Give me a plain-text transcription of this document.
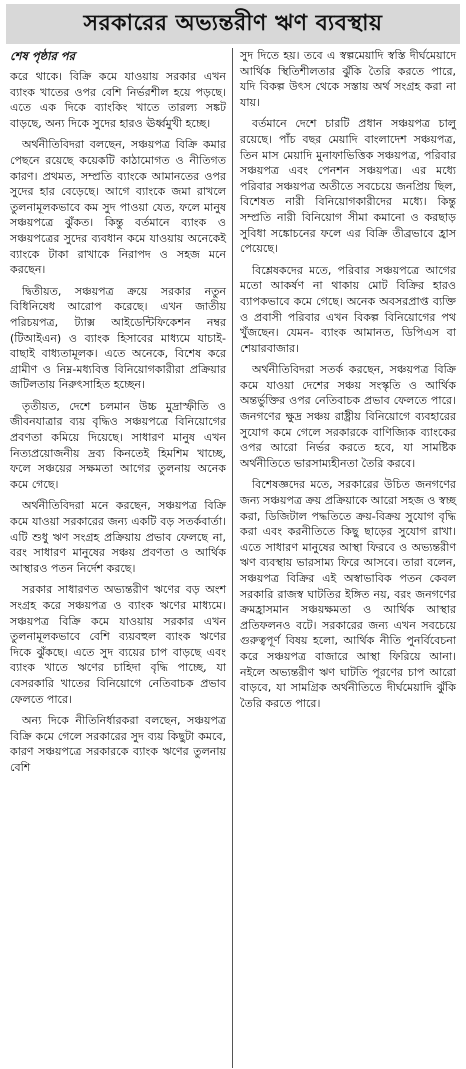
সরকারের অভ্যন্তরীণ ঋণ ব্যবস্থায়
শেষ পৃষ্ঠার পর

করে থাকে। বিক্রি কমে যাওয়ায় সরকার এখন ব্যাংক খাতের ওপর বেশি নির্ভরশীল হয়ে পড়ছে। এতে এক দিকে ব্যাংকিং খাতে তারল্য সঙ্কট বাড়ছে, অন্য দিকে সুদের হারও ঊর্ধ্বমুখী হচ্ছে।

অর্থনীতিবিদরা বলছেন, সঞ্চয়পত্র বিক্রি কমার পেছনে রয়েছে কয়েকটি কাঠামোগত ও নীতিগত কারণ। প্রথমত, সম্প্রতি ব্যাংকে আমানতের ওপর সুদের হার বেড়েছে। আগে ব্যাংকে জমা রাখলে তুলনামূলকভাবে কম সুদ পাওয়া যেত, ফলে মানুষ সঞ্চয়পত্রে ঝুঁকত। কিন্তু বর্তমানে ব্যাংক ও সঞ্চয়পত্রের সুদের ব্যবধান কমে যাওয়ায় অনেকেই ব্যাংকে টাকা রাখাকে নিরাপদ ও সহজ মনে করছেন।

দ্বিতীয়ত, সঞ্চয়পত্র ক্রয়ে সরকার নতুন বিধিনিষেধ আরোপ করেছে। এখন জাতীয় পরিচয়পত্র, ট্যাক্স আইডেন্টিফিকেশন নম্বর (টিআইএন) ও ব্যাংক হিসাবের মাধ্যমে যাচাই-বাছাই বাধ্যতামূলক। এতে অনেকে, বিশেষ করে গ্রামীণ ও নিম্ন-মধ্যবিত্ত বিনিয়োগকারীরা প্রক্রিয়ার জটিলতায় নিরুৎসাহিত হচ্ছেন।

তৃতীয়ত, দেশে চলমান উচ্চ মুদ্রাস্ফীতি ও জীবনযাত্রার ব্যয় বৃদ্ধিও সঞ্চয়পত্রে বিনিয়োগের প্রবণতা কমিয়ে দিয়েছে। সাধারণ মানুষ এখন নিত্যপ্রয়োজনীয় দ্রব্য কিনতেই হিমশিম খাচ্ছে, ফলে সঞ্চয়ের সক্ষমতা আগের তুলনায় অনেক কমে গেছে।

অর্থনীতিবিদরা মনে করছেন, সঞ্চয়পত্র বিক্রি কমে যাওয়া সরকারের জন্য একটি বড় সতর্কবার্তা। এটি শুধু ঋণ সংগ্রহ প্রক্রিয়ায় প্রভাব ফেলছে না, বরং সাধারণ মানুষের সঞ্চয় প্রবণতা ও আর্থিক আস্থারও পতন নির্দেশ করছে।

সরকার সাধারণত অভ্যন্তরীণ ঋণের বড় অংশ সংগ্রহ করে সঞ্চয়পত্র ও ব্যাংক ঋণের মাধ্যমে। সঞ্চয়পত্র বিক্রি কমে যাওয়ায় সরকার এখন তুলনামূলকভাবে বেশি ব্যয়বহুল ব্যাংক ঋণের দিকে ঝুঁকছে। এতে সুদ ব্যয়ের চাপ বাড়ছে এবং ব্যাংক খাতে ঋণের চাহিদা বৃদ্ধি পাচ্ছে, যা বেসরকারি খাতের বিনিয়োগে নেতিবাচক প্রভাব ফেলতে পারে।

অন্য দিকে নীতিনির্ধারকরা বলছেন, সঞ্চয়পত্র বিক্রি কমে গেলে সরকারের সুদ ব্যয় কিছুটা কমবে, কারণ সঞ্চয়পত্রে সরকারকে ব্যাংক ঋণের তুলনায় বেশি

সুদ দিতে হয়। তবে এ স্বল্পমেয়াদি স্বস্তি দীর্ঘমেয়াদে আর্থিক স্থিতিশীলতার ঝুঁকি তৈরি করতে পারে, যদি বিকল্প উৎস থেকে সস্তায় অর্থ সংগ্রহ করা না যায়।

বর্তমানে দেশে চারটি প্রধান সঞ্চয়পত্র চালু রয়েছে। পাঁচ বছর মেয়াদি বাংলাদেশ সঞ্চয়পত্র, তিন মাস মেয়াদি মুনাফাভিত্তিক সঞ্চয়পত্র, পরিবার সঞ্চয়পত্র এবং পেনশন সঞ্চয়পত্র। এর মধ্যে পরিবার সঞ্চয়পত্র অতীতে সবচেয়ে জনপ্রিয় ছিল, বিশেষত নারী বিনিয়োগকারীদের মধ্যে। কিন্তু সম্প্রতি নারী বিনিয়োগ সীমা কমানো ও করছাড় সুবিধা সঙ্কোচনের ফলে এর বিক্রি তীব্রভাবে হ্রাস পেয়েছে।

বিশ্লেষকদের মতে, পরিবার সঞ্চয়পত্রে আগের মতো আকর্ষণ না থাকায় মোট বিক্রির হারও ব্যাপকভাবে কমে গেছে। অনেক অবসরপ্রাপ্ত ব্যক্তি ও প্রবাসী পরিবার এখন বিকল্প বিনিয়োগের পথ খুঁজছেন। যেমন- ব্যাংক আমানত, ডিপিএস বা শেয়ারবাজার।

অর্থনীতিবিদরা সতর্ক করছেন, সঞ্চয়পত্র বিক্রি কমে যাওয়া দেশের সঞ্চয় সংস্কৃতি ও আর্থিক অন্তর্ভুক্তির ওপর নেতিবাচক প্রভাব ফেলতে পারে। জনগণের ক্ষুদ্র সঞ্চয় রাষ্ট্রীয় বিনিয়োগে ব্যবহারের সুযোগ কমে গেলে সরকারকে বাণিজ্যিক ব্যাংকের ওপর আরো নির্ভর করতে হবে, যা সামষ্টিক অর্থনীতিতে ভারসাম্যহীনতা তৈরি করবে।

বিশেষজ্ঞদের মতে, সরকারের উচিত জনগণের জন্য সঞ্চয়পত্র ক্রয় প্রক্রিয়াকে আরো সহজ ও স্বচ্ছ করা, ডিজিটাল পদ্ধতিতে ক্রয়-বিক্রয় সুযোগ বৃদ্ধি করা এবং করনীতিতে কিছু ছাড়ের সুযোগ রাখা। এতে সাধারণ মানুষের আস্থা ফিরবে ও অভ্যন্তরীণ ঋণ ব্যবস্থায় ভারসাম্য ফিরে আসবে। তারা বলেন, সঞ্চয়পত্র বিক্রির এই অস্বাভাবিক পতন কেবল সরকারি রাজস্ব ঘাটতির ইঙ্গিত নয়, বরং জনগণের ক্রমহ্রাসমান সঞ্চয়ক্ষমতা ও আর্থিক আস্থার প্রতিফলনও বটে। সরকারের জন্য এখন সবচেয়ে গুরুত্বপূর্ণ বিষয় হলো, আর্থিক নীতি পুনর্বিবেচনা করে সঞ্চয়পত্র বাজারে আস্থা ফিরিয়ে আনা। নইলে অভ্যন্তরীণ ঋণ ঘাটতি পূরণের চাপ আরো বাড়বে, যা সামগ্রিক অর্থনীতিতে দীর্ঘমেয়াদি ঝুঁকি তৈরি করতে পারে।
